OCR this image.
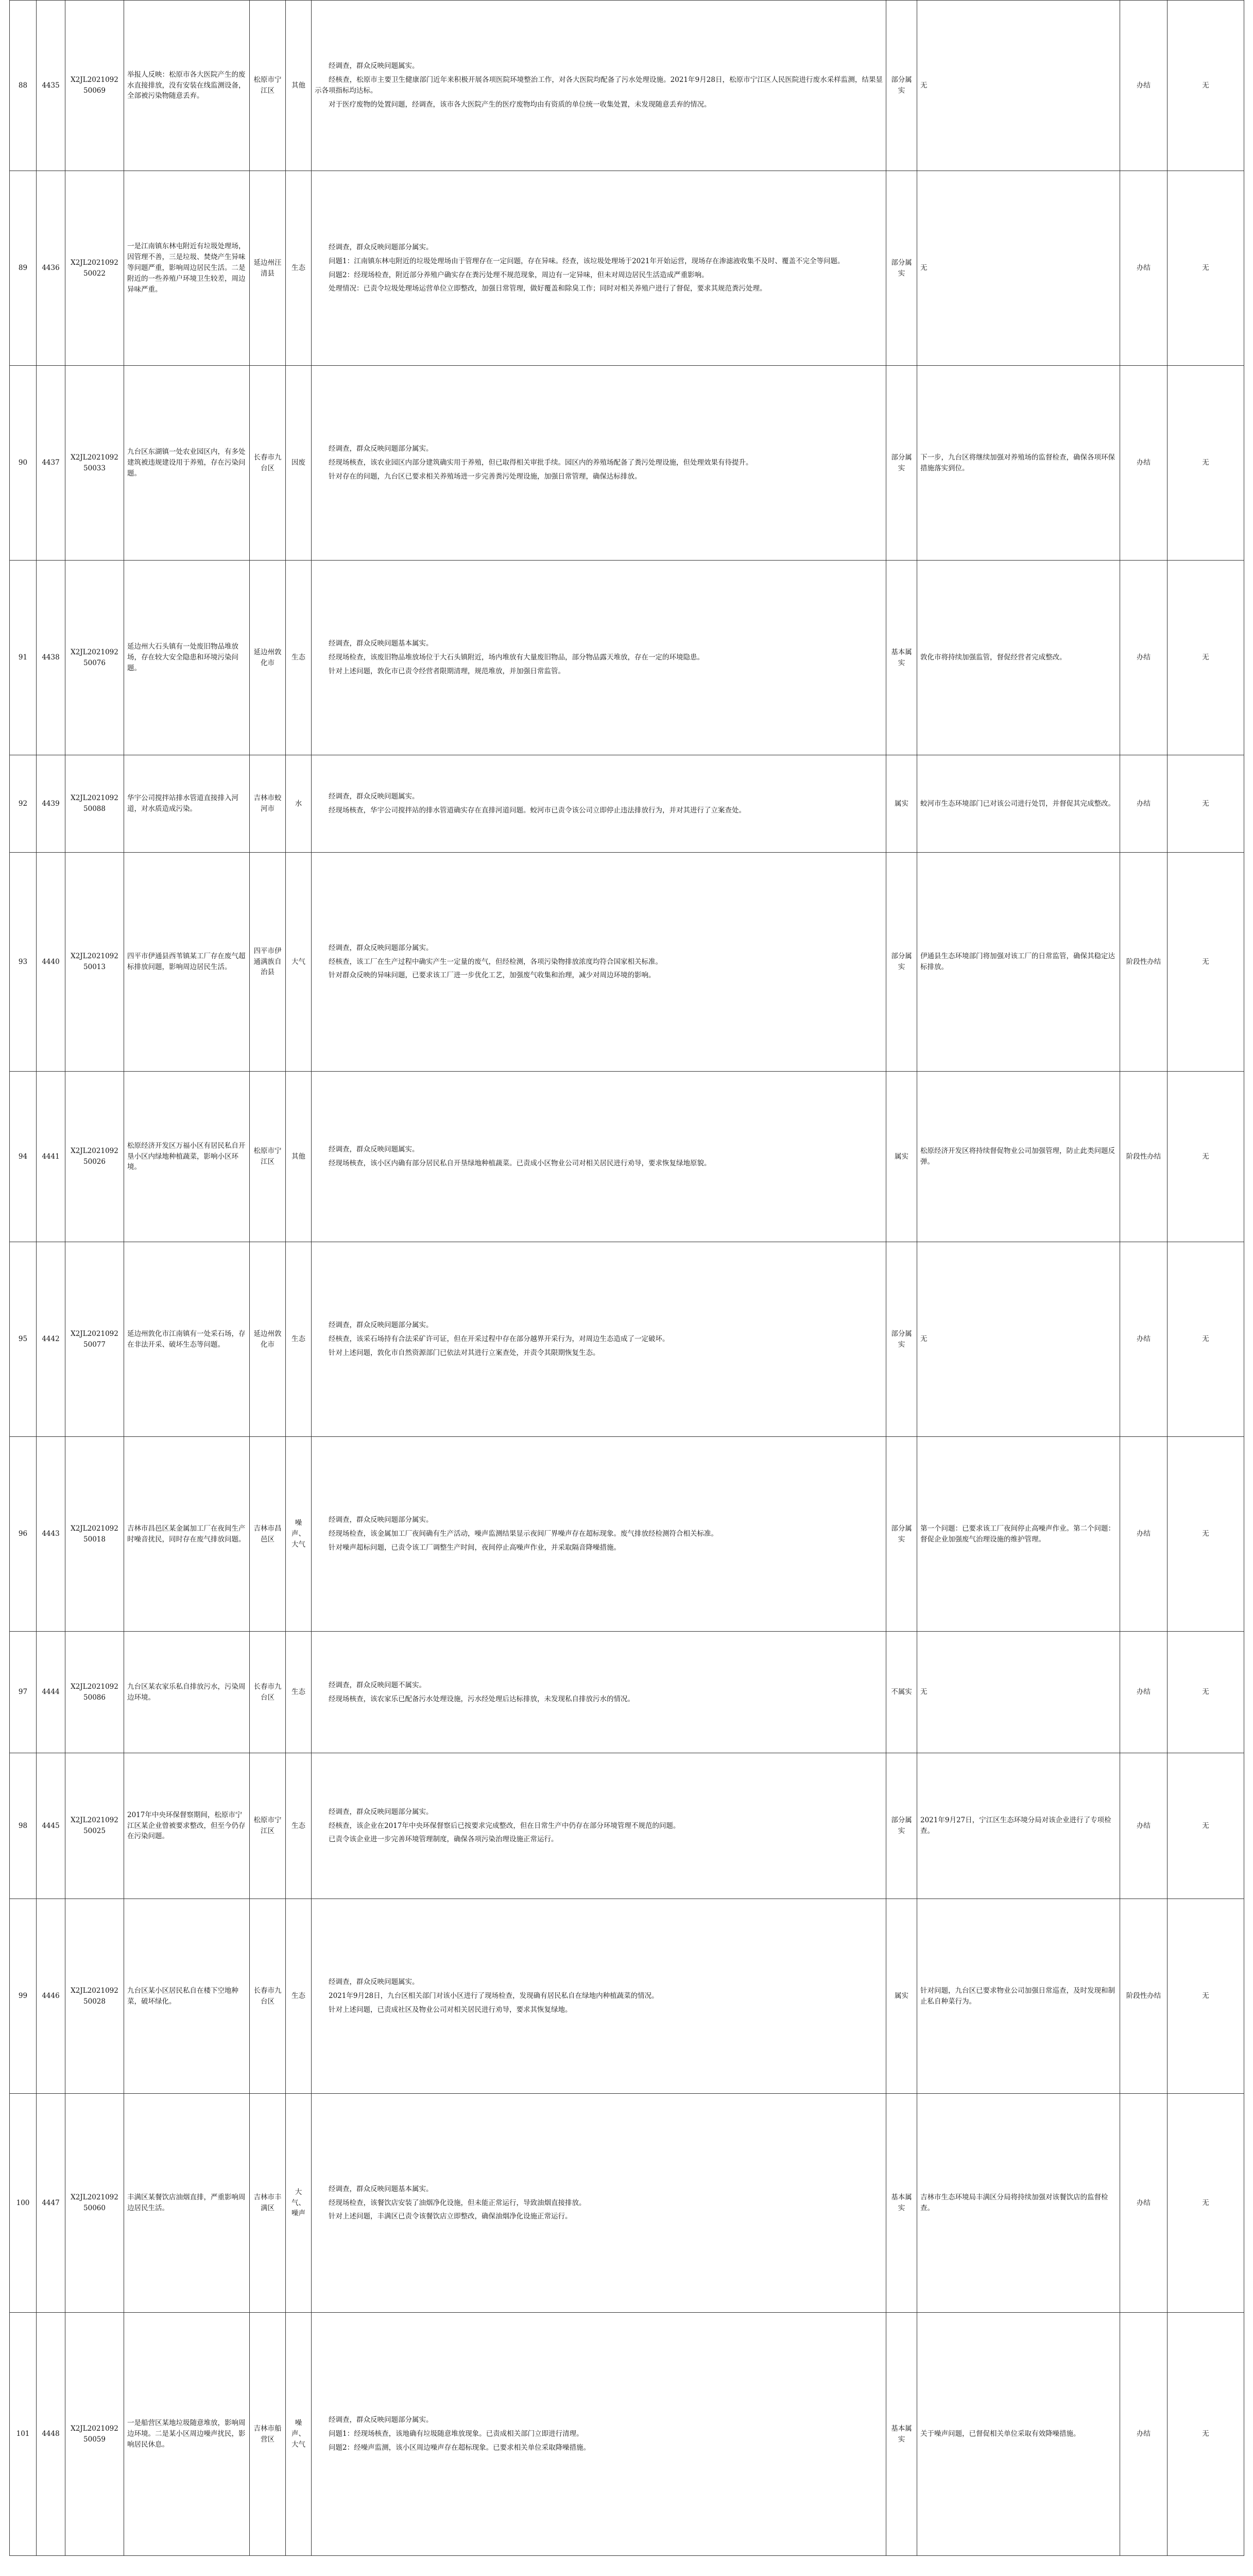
88	4435	X2JL202109250069	举报人反映：松原市各大医院产生的废水直接排放，没有安装在线监测设备，全部被污染物随意丢弃。	松原市宁江区	其他	经调查，群众反映问题属实。
经核查，松原市主要卫生健康部门近年来积极开展各项医院环境整治工作，对各大医院均配备了污水处理设施。2021年9月28日，松原市宁江区人民医院进行废水采样监测，结果显示各项指标均达标。
对于医疗废物的处置问题，经调查，该市各大医院产生的医疗废物均由有资质的单位统一收集处置，未发现随意丢弃的情况。	部分属实	无	办结	无
89	4436	X2JL202109250022	一是江南镇东林屯附近有垃圾处理场，因管理不善，三是垃圾、焚烧产生异味等问题严重，影响周边居民生活。二是附近的一些养殖户环境卫生较差，周边异味严重。	延边州汪清县	生态	经调查，群众反映问题部分属实。
问题1：江南镇东林屯附近的垃圾处理场由于管理存在一定问题，存在异味。经查，该垃圾处理场于2021年开始运营，现场存在渗滤液收集不及时、覆盖不完全等问题。
问题2：经现场检查，附近部分养殖户确实存在粪污处理不规范现象，周边有一定异味，但未对周边居民生活造成严重影响。
处理情况：已责令垃圾处理场运营单位立即整改，加强日常管理，做好覆盖和除臭工作；同时对相关养殖户进行了督促，要求其规范粪污处理。	部分属实	无	办结	无
90	4437	X2JL202109250033	九台区东湖镇一处农业园区内，有多处建筑被违规建设用于养殖，存在污染问题。	长春市九台区	因废	经调查，群众反映问题部分属实。
经现场核查，该农业园区内部分建筑确实用于养殖，但已取得相关审批手续。园区内的养殖场配备了粪污处理设施，但处理效果有待提升。
针对存在的问题，九台区已要求相关养殖场进一步完善粪污处理设施，加强日常管理，确保达标排放。	部分属实	下一步，九台区将继续加强对养殖场的监督检查，确保各项环保措施落实到位。	办结	无
91	4438	X2JL202109250076	延边州大石头镇有一处废旧物品堆放场，存在较大安全隐患和环境污染问题。	延边州敦化市	生态	经调查，群众反映问题基本属实。
经现场检查，该废旧物品堆放场位于大石头镇附近，场内堆放有大量废旧物品，部分物品露天堆放，存在一定的环境隐患。
针对上述问题，敦化市已责令经营者限期清理，规范堆放，并加强日常监管。	基本属实	敦化市将持续加强监管，督促经营者完成整改。	办结	无
92	4439	X2JL202109250088	华宇公司搅拌站排水管道直接排入河道，对水质造成污染。	吉林市蛟河市	水	经调查，群众反映问题属实。
经现场核查，华宇公司搅拌站的排水管道确实存在直排河道问题。蛟河市已责令该公司立即停止违法排放行为，并对其进行了立案查处。	属实	蛟河市生态环境部门已对该公司进行处罚，并督促其完成整改。	办结	无
93	4440	X2JL202109250013	四平市伊通县西苇镇某工厂存在废气超标排放问题，影响周边居民生活。	四平市伊通满族自治县	大气	经调查，群众反映问题部分属实。
经核查，该工厂在生产过程中确实产生一定量的废气，但经检测，各项污染物排放浓度均符合国家相关标准。
针对群众反映的异味问题，已要求该工厂进一步优化工艺，加强废气收集和治理，减少对周边环境的影响。	部分属实	伊通县生态环境部门将加强对该工厂的日常监管，确保其稳定达标排放。	阶段性办结	无
94	4441	X2JL202109250026	松原经济开发区万福小区有居民私自开垦小区内绿地种植蔬菜，影响小区环境。	松原市宁江区	其他	经调查，群众反映问题属实。
经现场核查，该小区内确有部分居民私自开垦绿地种植蔬菜。已责成小区物业公司对相关居民进行劝导，要求恢复绿地原貌。	属实	松原经济开发区将持续督促物业公司加强管理，防止此类问题反弹。	阶段性办结	无
95	4442	X2JL202109250077	延边州敦化市江南镇有一处采石场，存在非法开采、破坏生态等问题。	延边州敦化市	生态	经调查，群众反映问题部分属实。
经核查，该采石场持有合法采矿许可证，但在开采过程中存在部分越界开采行为，对周边生态造成了一定破坏。
针对上述问题，敦化市自然资源部门已依法对其进行立案查处，并责令其限期恢复生态。	部分属实	无	办结	无
96	4443	X2JL202109250018	吉林市昌邑区某金属加工厂在夜间生产时噪音扰民，同时存在废气排放问题。	吉林市昌邑区	噪声、大气	经调查，群众反映问题部分属实。
经现场检查，该金属加工厂夜间确有生产活动，噪声监测结果显示夜间厂界噪声存在超标现象。废气排放经检测符合相关标准。
针对噪声超标问题，已责令该工厂调整生产时间，夜间停止高噪声作业，并采取隔音降噪措施。	部分属实	第一个问题：已要求该工厂夜间停止高噪声作业。第二个问题：督促企业加强废气治理设施的维护管理。	办结	无
97	4444	X2JL202109250086	九台区某农家乐私自排放污水，污染周边环境。	长春市九台区	生态	经调查，群众反映问题不属实。
经现场核查，该农家乐已配备污水处理设施，污水经处理后达标排放，未发现私自排放污水的情况。	不属实	无	办结	无
98	4445	X2JL202109250025	2017年中央环保督察期间，松原市宁江区某企业曾被要求整改，但至今仍存在污染问题。	松原市宁江区	生态	经调查，群众反映问题部分属实。
经核查，该企业在2017年中央环保督察后已按要求完成整改，但在日常生产中仍存在部分环境管理不规范的问题。
已责令该企业进一步完善环境管理制度，确保各项污染治理设施正常运行。	部分属实	2021年9月27日，宁江区生态环境分局对该企业进行了专项检查。	办结	无
99	4446	X2JL202109250028	九台区某小区居民私自在楼下空地种菜，破坏绿化。	长春市九台区	生态	经调查，群众反映问题属实。
2021年9月28日，九台区相关部门对该小区进行了现场检查，发现确有居民私自在绿地内种植蔬菜的情况。
针对上述问题，已责成社区及物业公司对相关居民进行劝导，要求其恢复绿地。	属实	针对问题，九台区已要求物业公司加强日常巡查，及时发现和制止私自种菜行为。	阶段性办结	无
100	4447	X2JL202109250060	丰满区某餐饮店油烟直排，严重影响周边居民生活。	吉林市丰满区	大气、噪声	经调查，群众反映问题基本属实。
经现场检查，该餐饮店安装了油烟净化设施，但未能正常运行，导致油烟直接排放。
针对上述问题，丰满区已责令该餐饮店立即整改，确保油烟净化设施正常运行。	基本属实	吉林市生态环境局丰满区分局将持续加强对该餐饮店的监督检查。	办结	无
101	4448	X2JL202109250059	一是船营区某地垃圾随意堆放，影响周边环境。二是某小区周边噪声扰民，影响居民休息。	吉林市船营区	噪声、大气	经调查，群众反映问题部分属实。
问题1：经现场核查，该地确有垃圾随意堆放现象。已责成相关部门立即进行清理。
问题2：经噪声监测，该小区周边噪声存在超标现象。已要求相关单位采取降噪措施。	基本属实	关于噪声问题，已督促相关单位采取有效降噪措施。	办结	无
